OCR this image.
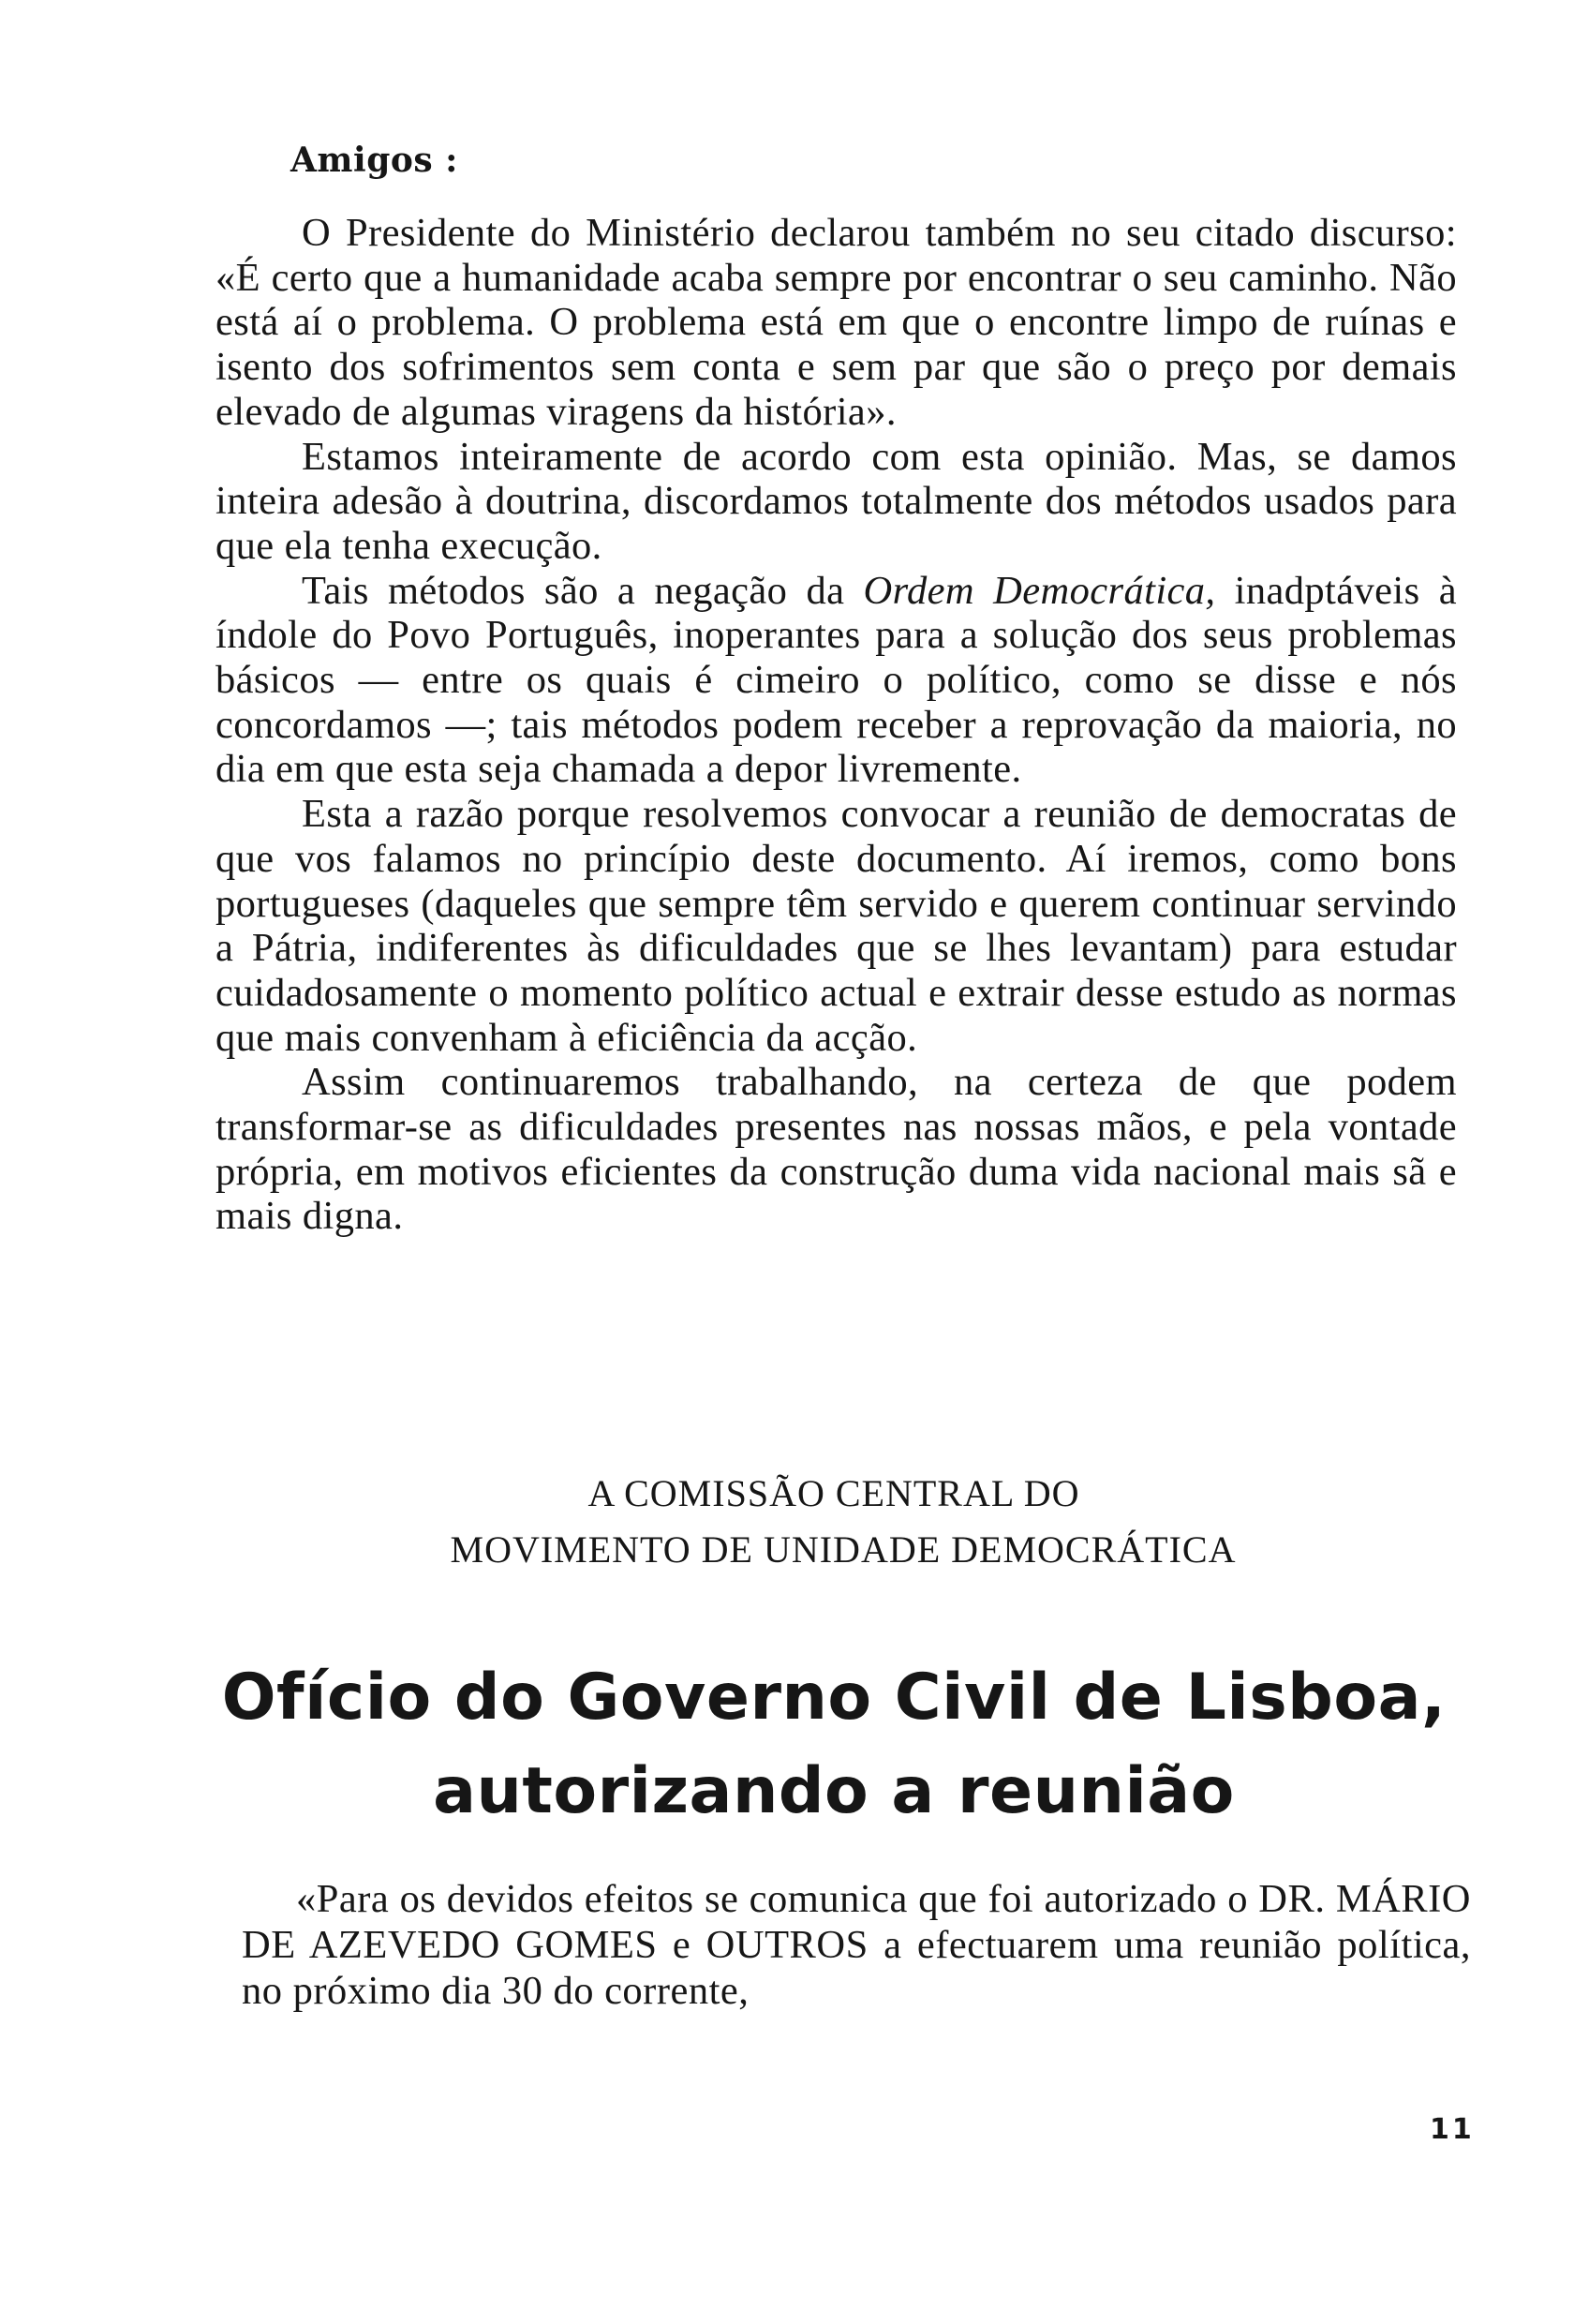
Amigos :

O Presidente do Ministério declarou também no seu citado discurso: «É certo que a humanidade acaba sempre por encontrar o seu caminho. Não está aí o problema. O problema está em que o encontre limpo de ruínas e isento dos sofrimentos sem conta e sem par que são o preço por demais elevado de algumas viragens da história».

Estamos inteiramente de acordo com esta opinião. Mas, se damos inteira adesão à doutrina, discordamos totalmente dos métodos usados para que ela tenha execução.

Tais métodos são a negação da Ordem Democrática, inadptáveis à índole do Povo Português, inoperantes para a solução dos seus problemas básicos — entre os quais é cimeiro o político, como se disse e nós concordamos —; tais métodos podem receber a reprovação da maioria, no dia em que esta seja chamada a depor livremente.

Esta a razão porque resolvemos convocar a reunião de democratas de que vos falamos no princípio deste documento. Aí iremos, como bons portugueses (daqueles que sempre têm servido e querem continuar servindo a Pátria, indiferentes às dificuldades que se lhes levantam) para estudar cuidadosamente o momento político actual e extrair desse estudo as normas que mais convenham à eficiência da acção.

Assim continuaremos trabalhando, na certeza de que podem transformar-se as dificuldades presentes nas nossas mãos, e pela vontade própria, em motivos eficientes da construção duma vida nacional mais sã e mais digna.

A COMISSÃO CENTRAL DO
MOVIMENTO DE UNIDADE DEMOCRÁTICA
Ofício do Governo Civil de Lisboa,
autorizando a reunião

«Para os devidos efeitos se comunica que foi autorizado o DR. MÁRIO DE AZEVEDO GOMES e OUTROS a efectuarem uma reunião política, no próximo dia 30 do corrente,

11
